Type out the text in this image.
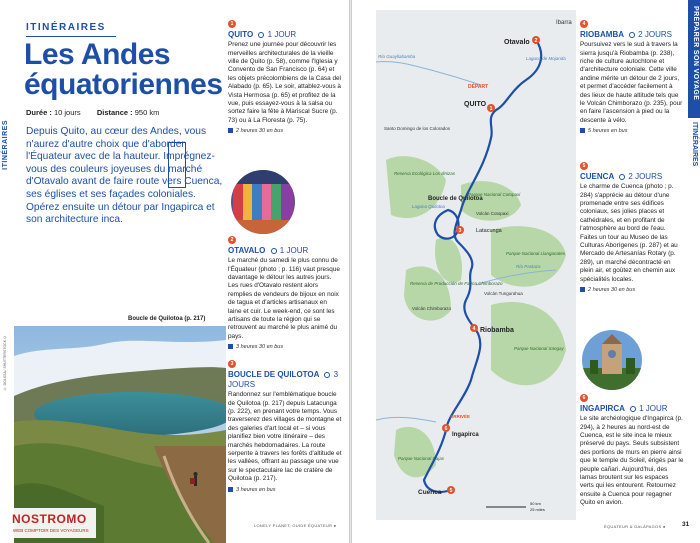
ITINÉRAIRES
ITINÉRAIRES
Les Andes
équatoriennes
Durée : 10 jours Distance : 950 km
Depuis Quito, au cœur des Andes, vous n'aurez d'autre choix que d'aborder l'Équateur avec de la hauteur. Imprégnez-vous des couleurs joyeuses du marché d'Otavalo avant de faire route vers Cuenca, ses églises et ses façades coloniales. Opérez ensuite un détour par Ingapirca et son architecture inca.
Boucle de Quilotoa (p. 217)
© DOLSSA / SHUTTERSTOCK ©
NOSTROMO
WEB COMPTOIR DES VOYAGEURS
1
QUITO 1 JOUR
Prenez une journée pour découvrir les merveilles architecturales de la vieille ville de Quito (p. 58), comme l'Iglesia y Convento de San Francisco (p. 64) et les objets précolombiens de la Casa del Alabado (p. 65). Le soir, attablez-vous à Vista Hermosa (p. 65) et profitez de la vue, puis essayez-vous à la salsa ou sortez faire la fête à Mariscal Sucre (p. 73) ou à La Floresta (p. 75).
2 heures 30 en bus
2
OTAVALO 1 JOUR
Le marché du samedi le plus connu de l'Équateur (photo ; p. 116) vaut presque davantage le détour les autres jours. Les rues d'Otavalo restent alors remplies de vendeurs de bijoux en noix de tagua et d'articles artisanaux en laine et cuir. Le week-end, ce sont les artisans de toute la région qui se retrouvent au marché le plus animé du pays.
3 heures 30 en bus
3
BOUCLE DE QUILOTOA 3 JOURS
Randonnez sur l'emblématique boucle de Quilotoa (p. 217) depuis Latacunga (p. 222), en prenant votre temps. Vous traverserez des villages de montagne et des galeries d'art local et – si vous planifiez bien votre itinéraire – des marchés hebdomadaires. La route serpente à travers les forêts d'altitude et les vallées, offrant au passage une vue sur le spectaculaire lac de cratère de Quilotoa (p. 217).
3 heures en bus
LONELY PLANET, GUIDE ÉQUATEUR ●
2
1
3
4
6
5
Ibarra
Otavalo
Laguna de Mojanda
DÉPART
QUITO
Río Guayllabamba
Santo Domingo de los Colorados
Reserva Ecológica Los Ilinizas
Parque Nacional Cotopaxi
Volcán Cotopaxi
Laguna Quilotoa
Boucle de Quilotoa
Latacunga
Parque Nacional Llanganates
Reserva de Producción de Fauna Chimborazo
Volcán Chimborazo
Volcán Tungurahua
Río Pastaza
Riobamba
Parque Nacional Sangay
ARRIVÉE
Ingapirca
Parque Nacional Cajas
Cuenca
50 km
25 miles
4
RIOBAMBA 2 JOURS
Poursuivez vers le sud à travers la sierra jusqu'à Riobamba (p. 238), riche de culture autochtone et d'architecture coloniale. Cette ville andine mérite un détour de 2 jours, et permet d'accéder facilement à des lieux de haute altitude tels que le Volcán Chimborazo (p. 235), pour en faire l'ascension à pied ou la descente à vélo.
5 heures en bus
5
CUENCA 2 JOURS
Le charme de Cuenca (photo ; p. 284) s'apprécie au détour d'une promenade entre ses édifices coloniaux, ses jolies places et cathédrales, et en profitant de l'atmosphère au bord de l'eau. Faites un tour au Museo de las Culturas Aborígenes (p. 287) et au Mercado de Artesanías Rotary (p. 289), un marché décontracté en plein air, et goûtez en chemin aux spécialités locales.
2 heures 30 en bus
6
INGAPIRCA 1 JOUR
Le site archéologique d'Ingapirca (p. 294), à 2 heures au nord-est de Cuenca, est le site inca le mieux préservé du pays. Seuls subsistent des portions de murs en pierre ainsi que le temple du Soleil, érigés par le peuple cañari. Aujourd'hui, des lamas broutent sur les espaces verts qui les entourent. Retournez ensuite à Cuenca pour regagner Quito en avion.
ÉQUATEUR & GALÁPAGOS ●	31
PRÉPARER SON VOYAGE
ITINÉRAIRES
